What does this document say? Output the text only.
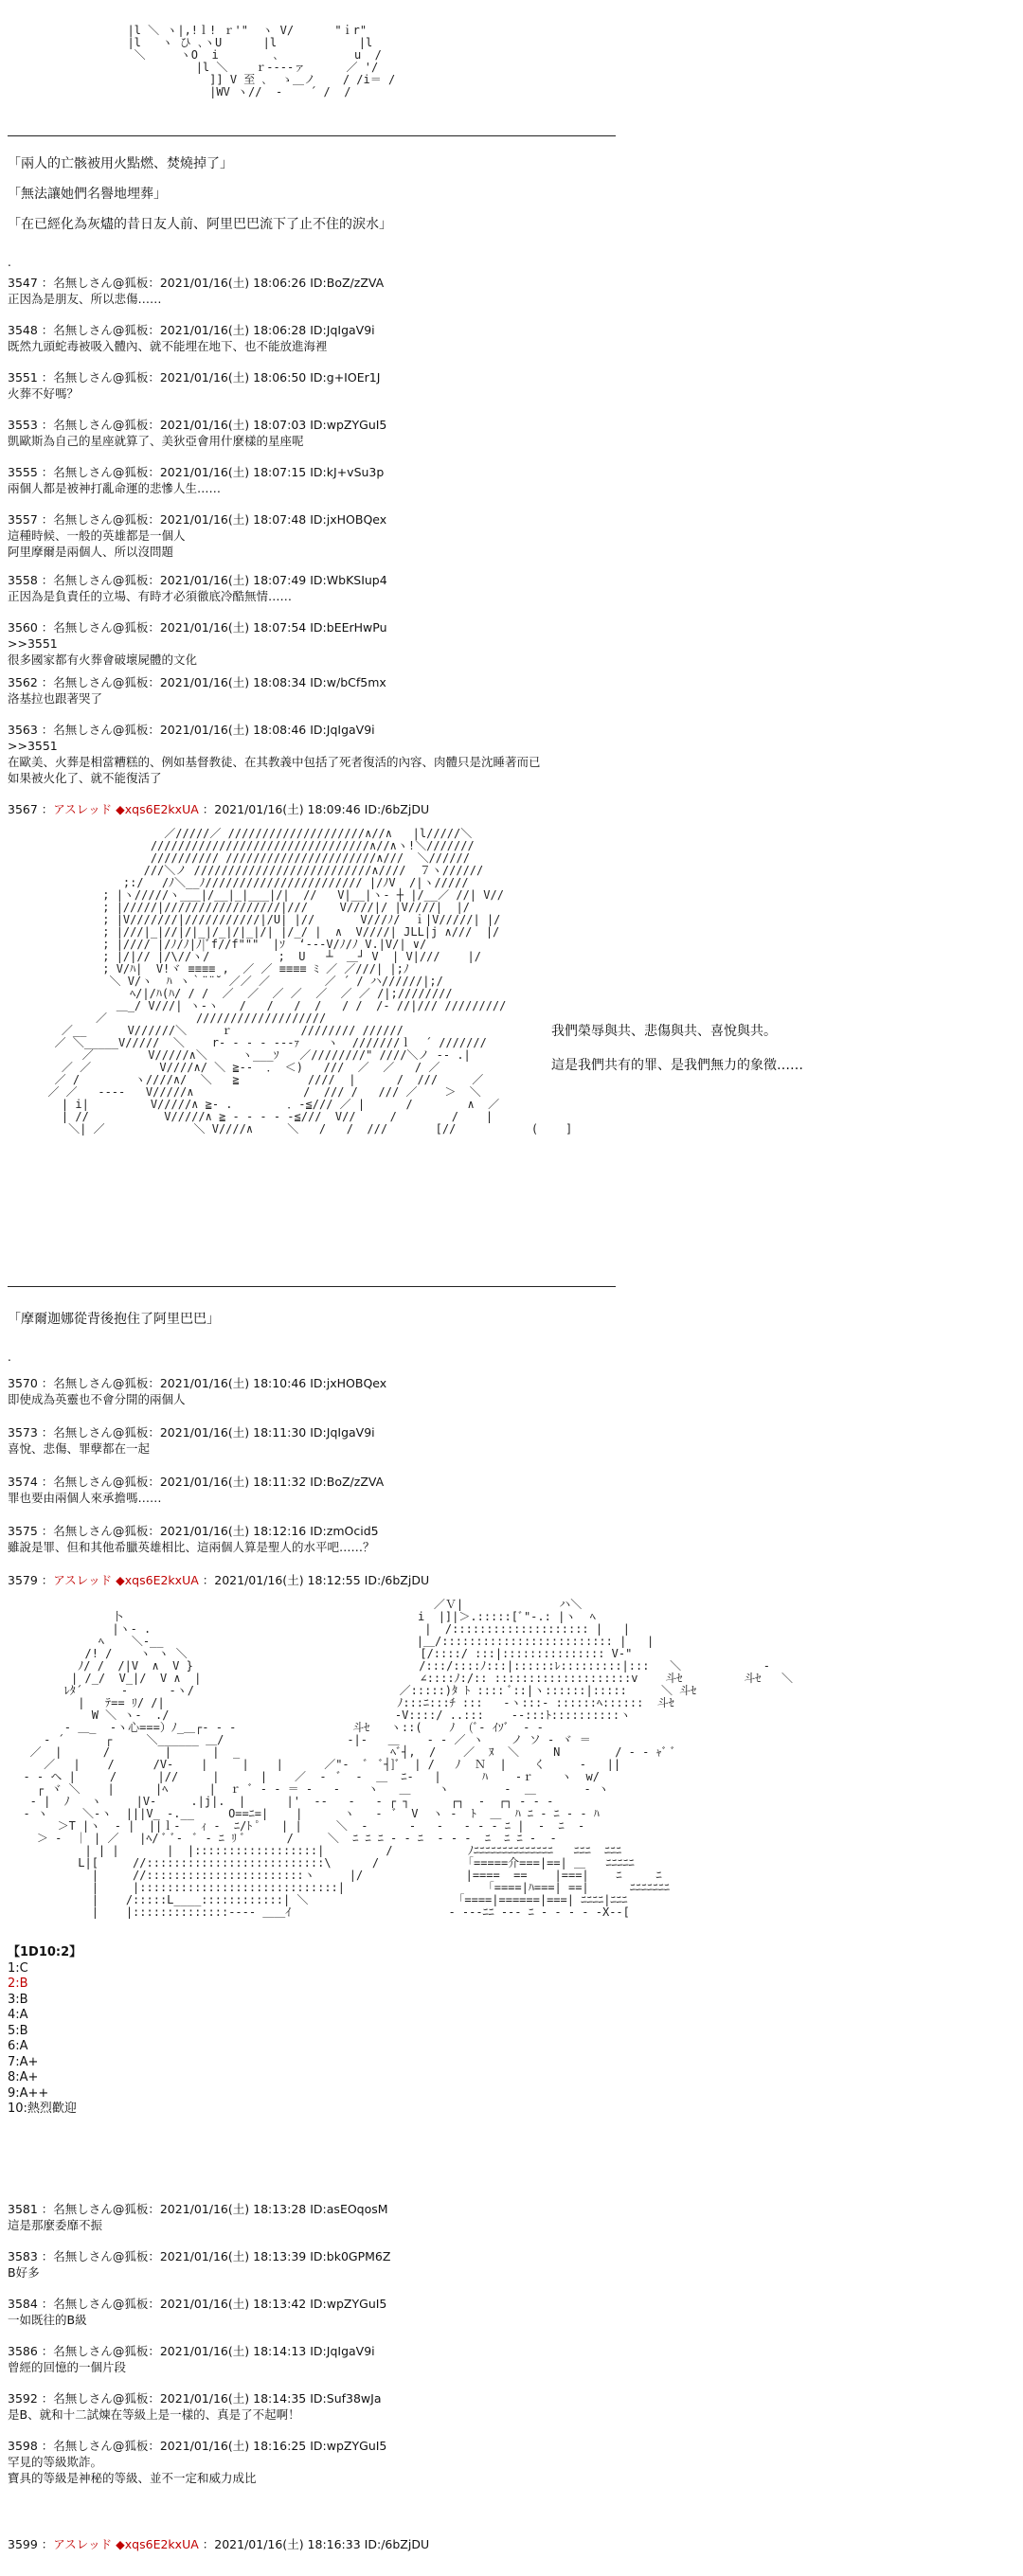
|l ＼ ヽ|,!ｌ! ｒ'"  ヽ V/      "ｉr"
|l   ヽ ひ ､ヽU      |l            |l
＼     ヽO  i        ､           u  /
|l ＼    ｒ‐‐‐‐ァ      ／ '/
]] V 至 ､  ゝ＿ノ    / /i＝ /
|WV ヽ//  ‐    ´ /  /
「兩人的亡骸被用火點燃、焚燒掉了」
「無法讓她們名譽地埋葬」
「在已經化為灰燼的昔日友人前、阿里巴巴流下了止不住的淚水」
.
3547 ：名無しさん@狐板：2021/01/16(土) 18:06:26 ID:BoZ/zZVA
正因為是朋友、所以悲傷……
3548 ：名無しさん@狐板：2021/01/16(土) 18:06:28 ID:JqIgaV9i
既然九頭蛇毒被吸入體內、就不能埋在地下、也不能放進海裡
3551 ：名無しさん@狐板：2021/01/16(土) 18:06:50 ID:g+IOEr1J
火葬不好嗎？
3553 ：名無しさん@狐板：2021/01/16(土) 18:07:03 ID:wpZYGuI5
凱歐斯為自己的星座就算了、美狄亞會用什麼樣的星座呢
3555 ：名無しさん@狐板：2021/01/16(土) 18:07:15 ID:kJ+vSu3p
兩個人都是被神打亂命運的悲慘人生……
3557 ：名無しさん@狐板：2021/01/16(土) 18:07:48 ID:jxHOBQex
這種時候、一般的英雄都是一個人
阿里摩爾是兩個人、所以沒問題
3558 ：名無しさん@狐板：2021/01/16(土) 18:07:49 ID:WbKSIup4
正因為是負責任的立場、有時才必須徹底冷酷無情……
3560 ：名無しさん@狐板：2021/01/16(土) 18:07:54 ID:bEErHwPu
>>3551
很多國家都有火葬會破壞屍體的文化
3562 ：名無しさん@狐板：2021/01/16(土) 18:08:34 ID:w/bCf5mx
洛基拉也跟著哭了
3563 ：名無しさん@狐板：2021/01/16(土) 18:08:46 ID:JqIgaV9i
>>3551
在歐美、火葬是相當糟糕的、例如基督教徒、在其教義中包括了死者復活的內容、肉體只是沈睡著而已
如果被火化了、就不能復活了
3567 ：アスレッド ◆xqs6E2kxUA ：2021/01/16(土) 18:09:46 ID:/6bZjDU
／/////／ ////////////////////∧//∧   |l/////＼
////////////////////////////////∧//∧ヽ!＼///////
////////// //////////////////////∧///  ＼//////
///＼ノ //////////////////////////∧////  ７ヽ//////
;:/ 　/ﾉ＼__ﾉ/////////////////////// |/ﾉV  /|ヽ/////
; |ヽ/////ヽ___|/__|_|___|/|  //   V|__|ヽ‐ ┼ |/__／ //| V//
; |/////|/////////////////|///  　 V////|/ |V////|  |/
; |V///////|///////////|/U| |//   　  V///ﾉ/  ｉ|V/////| |/
; |///|_|//|/|_|/_|/|_|/| |/_/ |  ∧  V////| JLL|j ∧///  |/
; |//// |/ﾉ/ﾉ|ﾉ|ﾞf//f"""  |ｿ  ‘‐‐‐V/ﾉ/ﾉ V.|V/| ∨/
; |/|// |/\//ヽ/          ;  U   ┴  ＿┘ V  | V|///    |/
; V/ﾊ|  V!ヾ ≡≡≡≡ ,  ／ ／ ≡≡≡≡ ﾐ ／ ／///| |;ﾉ
＼ V/ヽ  ﾊ ヽ｀¨¨˘ ／／ ／        ／ ´ / ハ//////|;/
ﾍ/|/ﾊ(ﾊ/ / /  ／  ／  ／ ／  ／  ／ ／ /|;////////
＿_/ V///| ヽ‐ヽ   /   /   /  /   / /  /‐ //|/// /////////
／             ///////////////////
／__ 　　　V//////＼     ｒ          //////// //////
／ ＼_____V/////  ＼    r‐ ‐ ‐ ‐ ‐‐‐ｧ    ヽ  ///////ｌ  ´ ///////
／ 　　　  V/////∧＼     ヽ___ｿ   ／////////" ////＼ノ ‐‐ .|
／ ／          V////∧/ ＼ ≧‐‐  ． ＜)   ///  ／  ／   / ／
／ /        ヽ////∧/  ＼   ≧          ////  |      /  ///     ／
／ ／   ‐‐‐‐   V/////∧                /  /// /   /// ／    ＞  ＼
| i|         V/////∧ ≧‐ .        ．‐≦/// ／ |      /        ∧  ／
| //           V/////∧ ≧ ‐ ‐ ‐ ‐ ‐≦///  V//     /        /    |
＼| ／             ＼ V////∧     ＼   /   /  ///       [//           (    ]
我們榮辱與共、悲傷與共、喜悅與共。
這是我們共有的罪、是我們無力的象徵……
「摩爾迦娜從背後抱住了阿里巴巴」
.
3570 ：名無しさん@狐板：2021/01/16(土) 18:10:46 ID:jxHOBQex
即使成為英靈也不會分開的兩個人
3573 ：名無しさん@狐板：2021/01/16(土) 18:11:30 ID:JqIgaV9i
喜悅、悲傷、罪孽都在一起
3574 ：名無しさん@狐板：2021/01/16(土) 18:11:32 ID:BoZ/zZVA
罪也要由兩個人來承擔嗎……
3575 ：名無しさん@狐板：2021/01/16(土) 18:12:16 ID:zmOcid5
雖說是罪、但和其他希臘英雄相比、這兩個人算是聖人的水平吧……？
3579 ：アスレッド ◆xqs6E2kxUA ：2021/01/16(土) 18:12:55 ID:/6bZjDU
／Ｖ|              ハ＼
卜                                           i  |]|＞.:::::[ﾞ"‐.: |ヽ  ﾍ
|ヽ‐ .                                        |  /:::::::::::::::::::: |   |
ﾍ    ＼‐__                                     |＿/::::::::::::::::::::::::: |   |
/! /    ヽ ヽ ＼                                  [/::::/ :::|::::::::::::::: V‐"
ﾉ/ /  /|V  ∧  V }                                 /:::/::::ﾉ:::|::::::ﾚ:::::::::|:::   ＼            ‐
| /_/  V_|/  V ∧  |                                ∠::::ﾉ:/:: ::::::::::::::::::::v    斗ｾ         斗ｾ   ＼
ﾚﾀ´ 　   ‐      ‐ヽ/                              ／:::::)ﾀ ﾄ :::: ﾞ::|ヽ::::::|:::::     ＼ 斗ｾ
|   ﾃ== ﾘ/ /|                                  ﾉ:::ﾆ:::ﾁ :::   ‐ヽ:::‐ ::::::ﾍ::::::  斗ｾ
W ＼ ヽ‐  ./                                 ‐V::::/ ..:::    ‐‐:::ﾄ::::::::::ヽ
‐ ＿_  ‐ヽ心===）ﾉ_＿┌‐ ‐ ‐                 斗ｾ   ヽ::(    ﾉ  (ﾞ‐ ｲｿﾞ  ‐ ‐
‐ ´      ┌     ＼______ ＿/                  ‐|‐   ＿    ‐ ‐ ／ ヽ    ノ ソ ‐ ヾ ＝
／  |      /        |      |  _                      ﾍﾞ┤,  /    ／  ﾇ  ＼     N        / ‐ ‐ ｬﾞ ﾞ
／ 　|    / 　   /V‐    |     |    |      ／"‐  ﾞ  ﾞ┤]ﾞ  | /   ﾉ  Ｎ  |    く     ‐   ||
‐ ‐ ヘ |     /      |//     |      |    ／  ‐  ﾞ  ‐  ＿  ﾆ‐   |      ﾊ    ‐ｒ    ヽ  w/
┌ ヾ ＼    |      |ﾍ      |  ｒ ﾞ ‐ ‐ ＝ ‐   ‐    ヽ   ＿    ヽ        ‐  ＿       ‐ ヽ
‐ |  ﾉ   ヽ     |V‐     .|j|.  |      |'  ‐‐   ‐   ‐ ┌ ┐      ┌┐  ‐  ┌┐ ‐ ‐ ‐
‐ ヽ     ＼‐ヽ  |||V_ ‐.__     O==ﾆ=|    |      ヽ   ‐  ﾞ  V  ヽ ‐  ﾄ  ＿  ﾊ ﾆ ‐ ﾆ ‐ ‐ ﾊ
＞T |ヽ  ‐ |  ||ｌ‐   ｨ ‐  ﾆ/ﾄ ﾟ   | |     ＼  ‐      ‐   ‐   ‐ ‐ ‐ ﾆ |  ‐  ﾆ  ‐
＞ ‐  ｜ | ／   |ﾍ/ ﾞ ﾞ‐  ﾞ ‐ ﾆ ﾘ ﾞ      /     ＼  ﾆ ﾆ ﾆ ‐ ‐ ﾆ  ‐ ‐ ‐  ﾆ  ﾆ ﾆ ‐  ‐
| | |       |  |::::::::::::::::::|         /           ﾉﾆﾆﾆﾆﾆﾆﾆﾆﾆﾆﾆﾆﾆﾆ   ﾆﾆﾆ  ﾆﾆﾆ
L|[     //::::::::::::::::::::::::::\      /             ｢=====介===|==| ＿   ﾆﾆﾆﾆﾆ
|     //:::::::::::::::::::::::ヽ     |/               |====  ==    |===|    ﾆ     ﾆ
|     |:::::::::::::::::::::::::::::|                     ｢====|ﾊ===| ==|      ﾆﾆﾆﾆﾆﾆﾆ
|    /:::::L____::::::::::::| ＼                      ｢====|======|===| ﾆﾆﾆﾆ|ﾆﾆﾆ
|    |::::::::::::::‐‐‐‐ ＿＿ｲ                       ‐ ‐‐‐ﾆﾆ ‐‐‐ ﾆ ‐ ‐ ‐ ‐ ‐X‐‐[
【1D10:2】
1:C
2:B
3:B
4:A
5:B
6:A
7:A+
8:A+
9:A++
10:熱烈歡迎
3581 ：名無しさん@狐板：2021/01/16(土) 18:13:28 ID:asEOqosM
這是那麼委靡不振
3583 ：名無しさん@狐板：2021/01/16(土) 18:13:39 ID:bk0GPM6Z
B好多
3584 ：名無しさん@狐板：2021/01/16(土) 18:13:42 ID:wpZYGuI5
一如既往的B級
3586 ：名無しさん@狐板：2021/01/16(土) 18:14:13 ID:JqIgaV9i
曾經的回憶的一個片段
3592 ：名無しさん@狐板：2021/01/16(土) 18:14:35 ID:Suf38wJa
是B、就和十二試煉在等級上是一樣的、真是了不起啊！
3598 ：名無しさん@狐板：2021/01/16(土) 18:16:25 ID:wpZYGuI5
罕見的等級欺詐。
寶具的等級是神秘的等級、並不一定和威力成比
3599 ：アスレッド ◆xqs6E2kxUA ：2021/01/16(土) 18:16:33 ID:/6bZjDU
